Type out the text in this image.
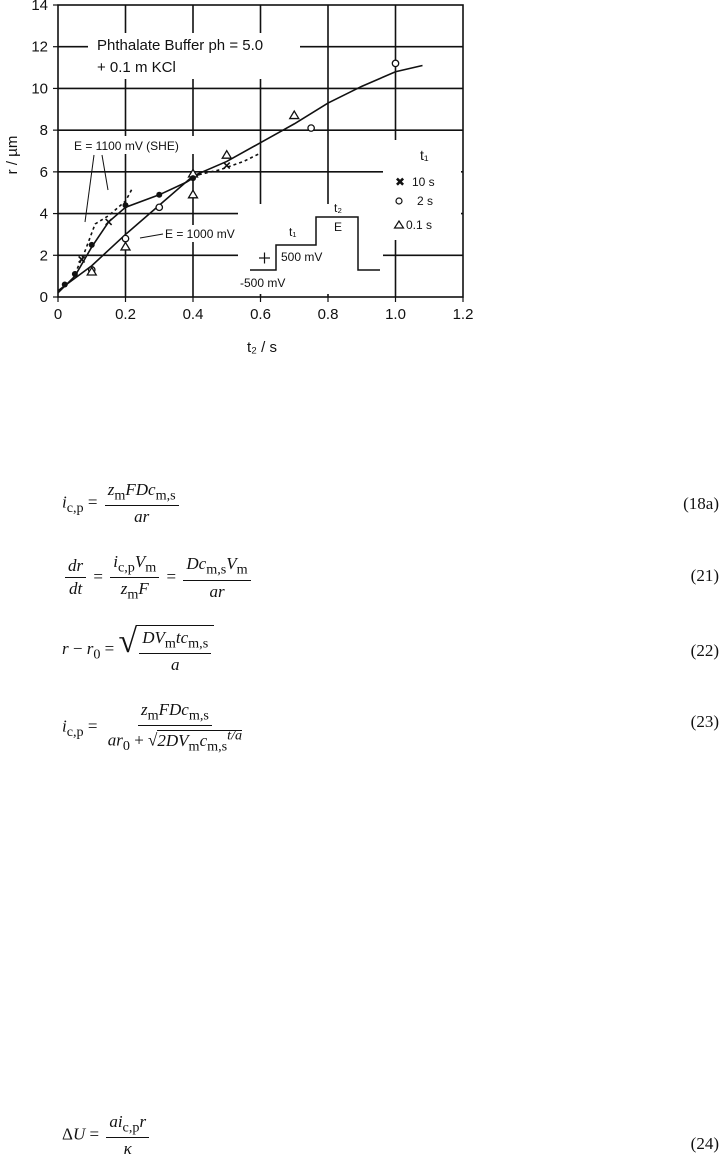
0	0.2	0.4	0.6	0.8	1.0	1.2
0
2
4
6
8
10
12
14
r / µm
t₂ / s
Phthalate Buffer ph = 5.0
+ 0.1 m KCl
E = 1100 mV (SHE)
E = 1000 mV	t₁
t₂
E
500 mV
-500 mV
t₁
✖ 10 s
2 s
0.1 s
$i_{c,p} = \frac{z_mFDc_{m,s}}{ar}$	(18a)
$\frac{dr}{dt} = \frac{i_{c,p}V_m}{z_mF} = \frac{Dc_{m,s}V_m}{ar}$	(21)
$r - r_0$ = √ $\frac{DV_mtc_{m,s}}{a}$	(22)
$i_{c,p} = \frac{z_mFDc_{m,s}}{ar_0 + √2DV_mc_{m,s}^{t/a}}$	(23)
$\Delta U = \frac{ai_{c,p}r}{\kappa}$	(24)
